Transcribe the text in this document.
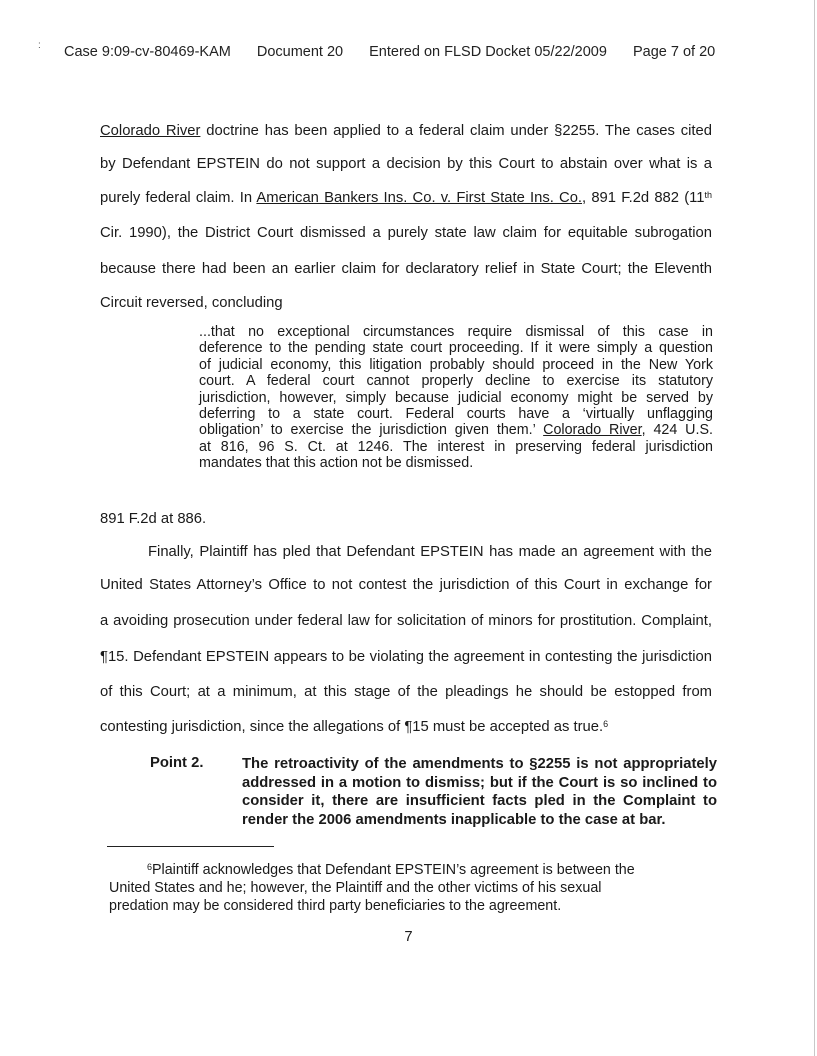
: Case 9:09-cv-80469-KAM Document 20 Entered on FLSD Docket 05/22/2009 Page 7 of 20
Colorado River doctrine has been applied to a federal claim under §2255. The cases cited
by Defendant EPSTEIN do not support a decision by this Court to abstain over what is a
purely federal claim. In American Bankers Ins. Co. v. First State Ins. Co., 891 F.2d 882 (11th
Cir. 1990), the District Court dismissed a purely state law claim for equitable subrogation
because there had been an earlier claim for declaratory relief in State Court; the Eleventh
Circuit reversed, concluding
...that no exceptional circumstances require dismissal of this case in
deference to the pending state court proceeding. If it were simply a question
of judicial economy, this litigation probably should proceed in the New York
court. A federal court cannot properly decline to exercise its statutory
jurisdiction, however, simply because judicial economy might be served by
deferring to a state court. Federal courts have a ‘virtually unflagging
obligation’ to exercise the jurisdiction given them.’ Colorado River, 424 U.S.
at 816, 96 S. Ct. at 1246. The interest in preserving federal jurisdiction
mandates that this action not be dismissed.
891 F.2d at 886.
Finally, Plaintiff has pled that Defendant EPSTEIN has made an agreement with the
United States Attorney’s Office to not contest the jurisdiction of this Court in exchange for
a avoiding prosecution under federal law for solicitation of minors for prostitution. Complaint,
¶15. Defendant EPSTEIN appears to be violating the agreement in contesting the jurisdiction
of this Court; at a minimum, at this stage of the pleadings he should be estopped from
contesting jurisdiction, since the allegations of ¶15 must be accepted as true.$^6$
Point 2.	The retroactivity of the amendments to §2255 is not appropriately
addressed in a motion to dismiss; but if the Court is so inclined to
consider it, there are insufficient facts pled in the Complaint to
render the 2006 amendments inapplicable to the case at bar.
$^6$Plaintiff acknowledges that Defendant EPSTEIN’s agreement is between the
United States and he; however, the Plaintiff and the other victims of his sexual
predation may be considered third party beneficiaries to the agreement.
7
